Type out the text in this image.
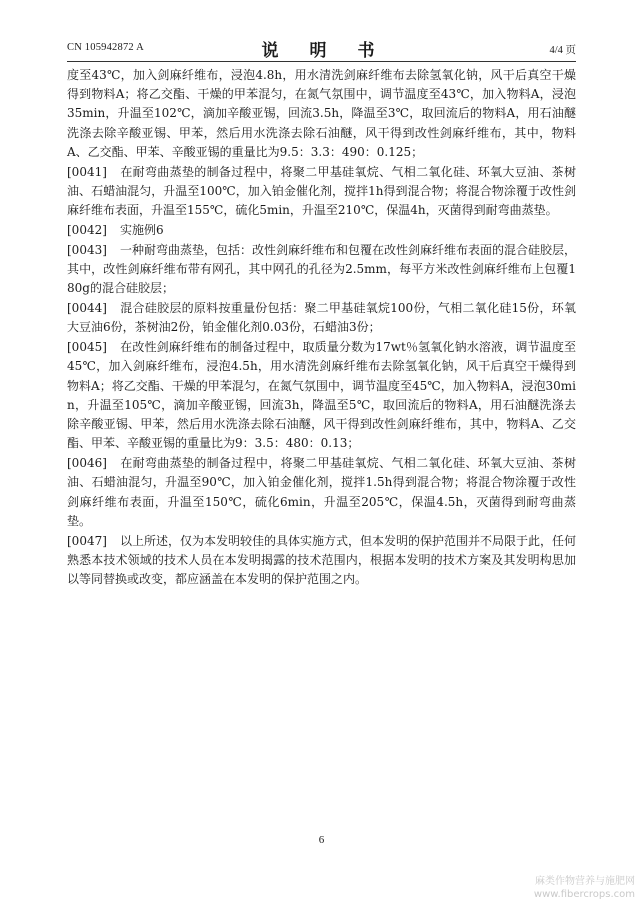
CN 105942872 A	说　明　书	4/4 页

度至43℃，加入剑麻纤维布，浸泡4.8h，用水清洗剑麻纤维布去除氢氧化钠，风干后真空干燥得到物料A；将乙交酯、干燥的甲苯混匀，在氮气氛围中，调节温度至43℃，加入物料A，浸泡35min，升温至102℃，滴加辛酸亚锡，回流3.5h，降温至3℃，取回流后的物料A，用石油醚洗涤去除辛酸亚锡、甲苯，然后用水洗涤去除石油醚，风干得到改性剑麻纤维布，其中，物料A、乙交酯、甲苯、辛酸亚锡的重量比为9.5：3.3：490：0.125；

[0041] 在耐弯曲蒸垫的制备过程中，将聚二甲基硅氧烷、气相二氧化硅、环氧大豆油、茶树油、石蜡油混匀，升温至100℃，加入铂金催化剂，搅拌1h得到混合物；将混合物涂覆于改性剑麻纤维布表面，升温至155℃，硫化5min，升温至210℃，保温4h，灭菌得到耐弯曲蒸垫。

[0042] 实施例6

[0043] 一种耐弯曲蒸垫，包括：改性剑麻纤维布和包覆在改性剑麻纤维布表面的混合硅胶层，其中，改性剑麻纤维布带有网孔，其中网孔的孔径为2.5mm，每平方米改性剑麻纤维布上包覆180g的混合硅胶层；

[0044] 混合硅胶层的原料按重量份包括：聚二甲基硅氧烷100份，气相二氧化硅15份，环氧大豆油6份，茶树油2份，铂金催化剂0.03份，石蜡油3份；

[0045] 在改性剑麻纤维布的制备过程中，取质量分数为17wt％氢氧化钠水溶液，调节温度至45℃，加入剑麻纤维布，浸泡4.5h，用水清洗剑麻纤维布去除氢氧化钠，风干后真空干燥得到物料A；将乙交酯、干燥的甲苯混匀，在氮气氛围中，调节温度至45℃，加入物料A，浸泡30min，升温至105℃，滴加辛酸亚锡，回流3h，降温至5℃，取回流后的物料A，用石油醚洗涤去除辛酸亚锡、甲苯，然后用水洗涤去除石油醚，风干得到改性剑麻纤维布，其中，物料A、乙交酯、甲苯、辛酸亚锡的重量比为9：3.5：480：0.13；

[0046] 在耐弯曲蒸垫的制备过程中，将聚二甲基硅氧烷、气相二氧化硅、环氧大豆油、茶树油、石蜡油混匀，升温至90℃，加入铂金催化剂，搅拌1.5h得到混合物；将混合物涂覆于改性剑麻纤维布表面，升温至150℃，硫化6min，升温至205℃，保温4.5h，灭菌得到耐弯曲蒸垫。

[0047] 以上所述，仅为本发明较佳的具体实施方式，但本发明的保护范围并不局限于此，任何熟悉本技术领域的技术人员在本发明揭露的技术范围内，根据本发明的技术方案及其发明构思加以等同替换或改变，都应涵盖在本发明的保护范围之内。

6
麻类作物营养与施肥网
www.fibercrops.com
